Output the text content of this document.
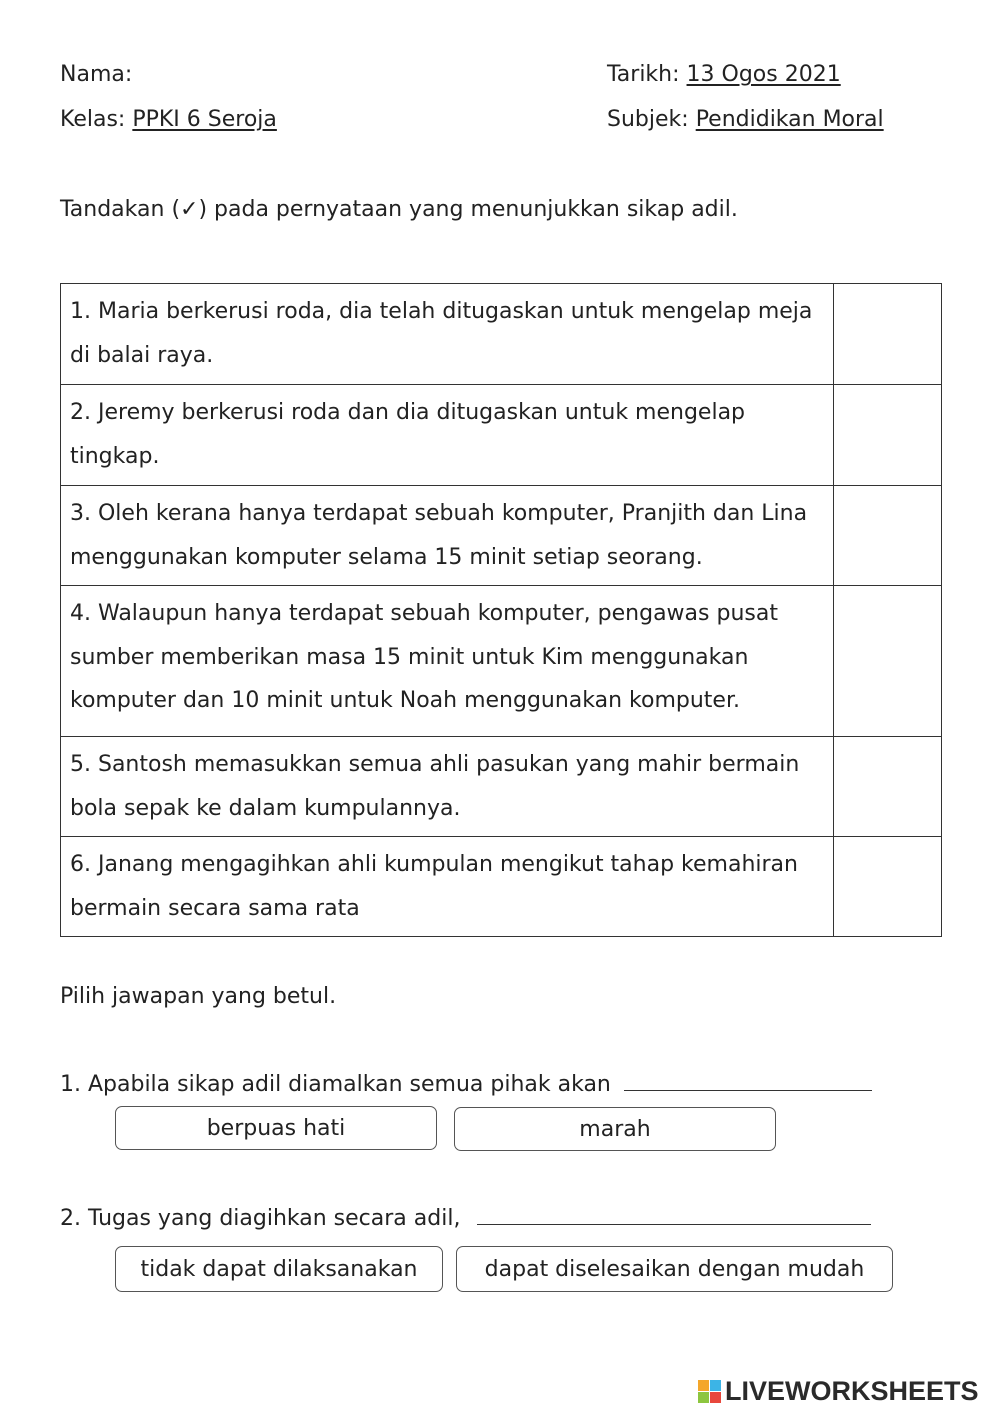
Nama:	Tarikh: 13 Ogos 2021
Kelas: PPKI 6 Seroja	Subjek: Pendidikan Moral
Tandakan (✓) pada pernyataan yang menunjukkan sikap adil.
1. Maria berkerusi roda, dia telah ditugaskan untuk mengelap meja di balai raya.	
2. Jeremy berkerusi roda dan dia ditugaskan untuk mengelap tingkap.	
3. Oleh kerana hanya terdapat sebuah komputer, Pranjith dan Lina menggunakan komputer selama 15 minit setiap seorang.	
4. Walaupun hanya terdapat sebuah komputer, pengawas pusat sumber memberikan masa 15 minit untuk Kim menggunakan komputer dan 10 minit untuk Noah menggunakan komputer.	
5. Santosh memasukkan semua ahli pasukan yang mahir bermain bola sepak ke dalam kumpulannya.	
6. Janang mengagihkan ahli kumpulan mengikut tahap kemahiran bermain secara sama rata	
Pilih jawapan yang betul.
1. Apabila sikap adil diamalkan semua pihak akan
berpuas hati	marah
2. Tugas yang diagihkan secara adil,
tidak dapat dilaksanakan	dapat diselesaikan dengan mudah
LIVEWORKSHEETS
